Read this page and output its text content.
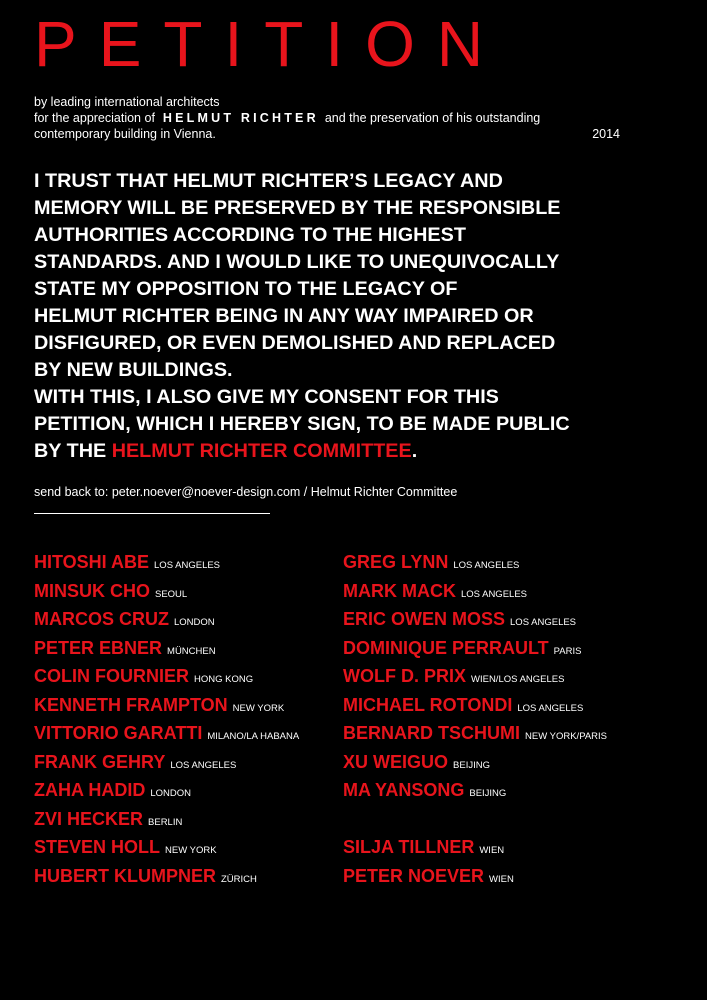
PETITION
by leading international architects
for the appreciation of HELMUT RICHTER and the preservation of his outstanding
contemporary building in Vienna.	2014
I TRUST THAT HELMUT RICHTER’S LEGACY AND
MEMORY WILL BE PRESERVED BY THE RESPONSIBLE
AUTHORITIES ACCORDING TO THE HIGHEST
STANDARDS. AND I WOULD LIKE TO UNEQUIVOCALLY
STATE MY OPPOSITION TO THE LEGACY OF
HELMUT RICHTER BEING IN ANY WAY IMPAIRED OR
DISFIGURED, OR EVEN DEMOLISHED AND REPLACED
BY NEW BUILDINGS.
WITH THIS, I ALSO GIVE MY CONSENT FOR THIS
PETITION, WHICH I HEREBY SIGN, TO BE MADE PUBLIC
BY THE HELMUT RICHTER COMMITTEE.
send back to: peter.noever@noever-design.com / Helmut Richter Committee
HITOSHI ABE LOS ANGELES
MINSUK CHO SEOUL
MARCOS CRUZ LONDON
PETER EBNER MÜNCHEN
COLIN FOURNIER HONG KONG
KENNETH FRAMPTON NEW YORK
VITTORIO GARATTI MILANO/LA HABANA
FRANK GEHRY LOS ANGELES
ZAHA HADID LONDON
ZVI HECKER BERLIN
STEVEN HOLL NEW YORK
HUBERT KLUMPNER ZÜRICH
GREG LYNN LOS ANGELES
MARK MACK LOS ANGELES
ERIC OWEN MOSS LOS ANGELES
DOMINIQUE PERRAULT PARIS
WOLF D. PRIX WIEN/LOS ANGELES
MICHAEL ROTONDI LOS ANGELES
BERNARD TSCHUMI NEW YORK/PARIS
XU WEIGUO BEIJING
MA YANSONG BEIJING
SILJA TILLNER WIEN
PETER NOEVER WIEN
